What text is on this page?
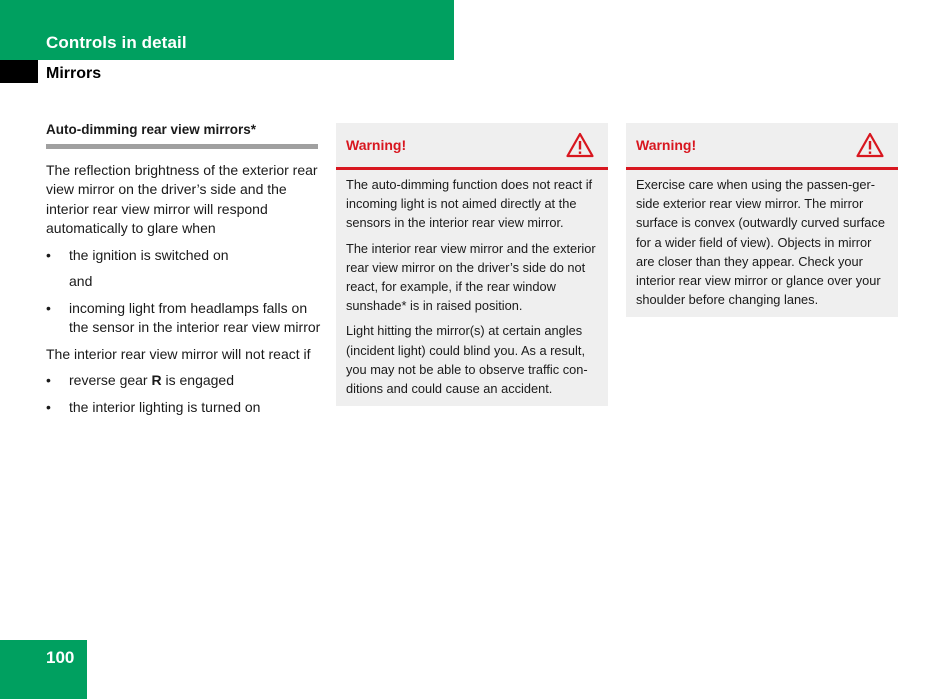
Controls in detail
Mirrors
Auto-dimming rear view mirrors*
The reflection brightness of the exterior rear view mirror on the driver’s side and the interior rear view mirror will respond automatically to glare when
• the ignition is switched on
and
• incoming light from headlamps falls on the sensor in the interior rear view mirror
The interior rear view mirror will not react if
• reverse gear R is engaged
• the interior lighting is turned on
Warning!

The auto-dimming function does not react if incoming light is not aimed directly at the sensors in the interior rear view mirror.

The interior rear view mirror and the exterior rear view mirror on the driver’s side do not react, for example, if the rear window sunshade* is in raised position.

Light hitting the mirror(s) at certain angles (incident light) could blind you. As a result, you may not be able to observe traffic con-ditions and could cause an accident.

Warning!

Exercise care when using the passen-ger-side exterior rear view mirror. The mirror surface is convex (outwardly curved surface for a wider field of view). Objects in mirror are closer than they appear. Check your interior rear view mirror or glance over your shoulder before changing lanes.

100
